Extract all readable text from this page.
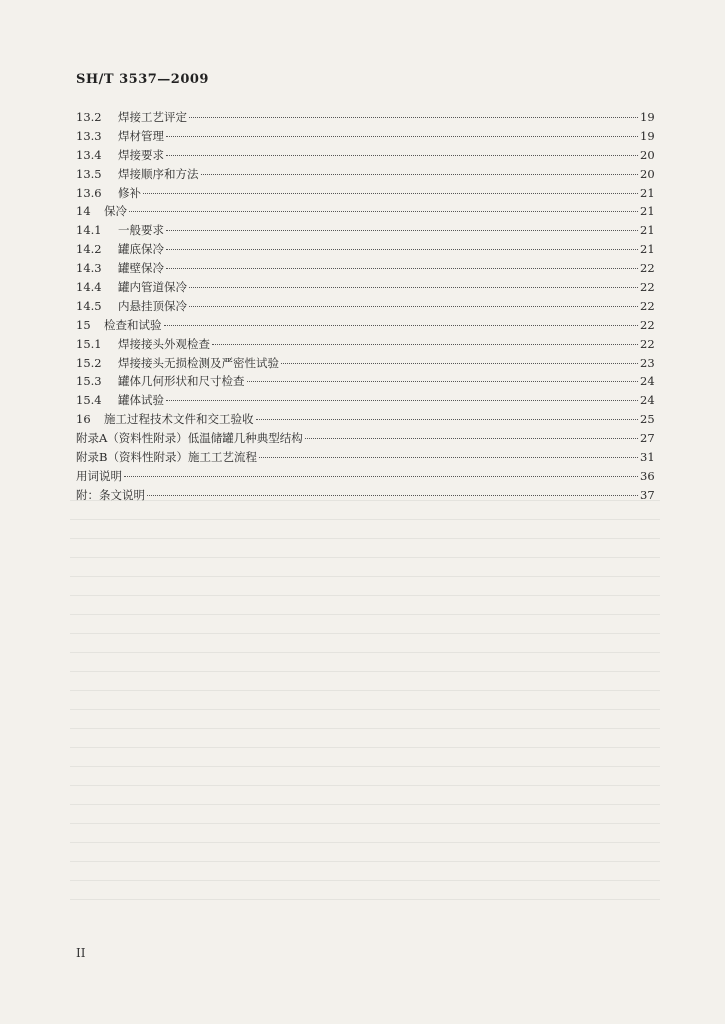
SH/T 3537—2009
13.2	焊接工艺评定	19
13.3	焊材管理	19
13.4	焊接要求	20
13.5	焊接顺序和方法	20
13.6	修补	21
14	保冷	21
14.1	一般要求	21
14.2	罐底保冷	21
14.3	罐壁保冷	22
14.4	罐内管道保冷	22
14.5	内悬挂顶保冷	22
15	检查和试验	22
15.1	焊接接头外观检查	22
15.2	焊接接头无损检测及严密性试验	23
15.3	罐体几何形状和尺寸检查	24
15.4	罐体试验	24
16	施工过程技术文件和交工验收	25
附录A（资料性附录）低温储罐几种典型结构	27
附录B（资料性附录）施工工艺流程	31
用词说明	36
附：条文说明	37
II
